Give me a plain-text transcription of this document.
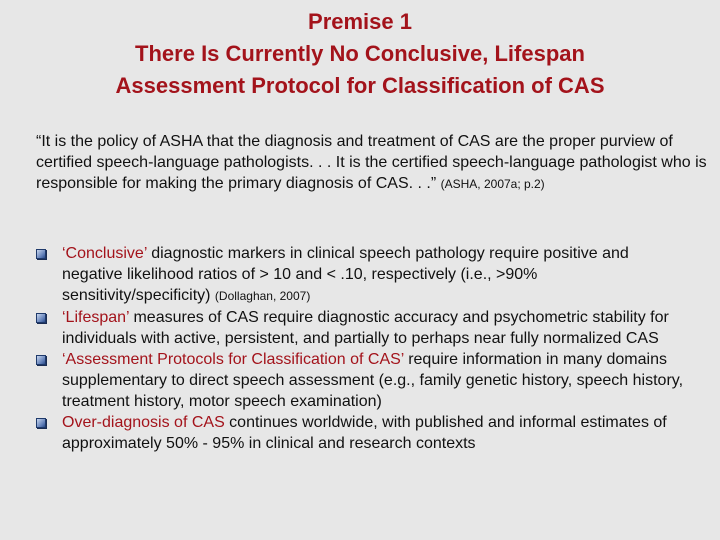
Premise 1
There Is Currently No Conclusive, Lifespan
Assessment Protocol for Classification of CAS

“It is the policy of ASHA that the diagnosis and treatment of CAS are the proper purview of certified speech-language pathologists. . . It is the certified speech-language pathologist who is responsible for making the primary diagnosis of CAS. . .” (ASHA, 2007a; p.2)

‘Conclusive’ diagnostic markers in clinical speech pathology require positive and negative likelihood ratios of > 10 and < .10, respectively (i.e., >90% sensitivity/specificity) (Dollaghan, 2007)
‘Lifespan’ measures of CAS require diagnostic accuracy and psychometric stability for individuals with active, persistent, and partially to perhaps near fully normalized CAS
‘Assessment Protocols for Classification of CAS’ require information in many domains supplementary to direct speech assessment (e.g., family genetic history, speech history, treatment history, motor speech examination)
Over-diagnosis of CAS continues worldwide, with published and informal estimates of approximately 50% - 95% in clinical and research contexts
